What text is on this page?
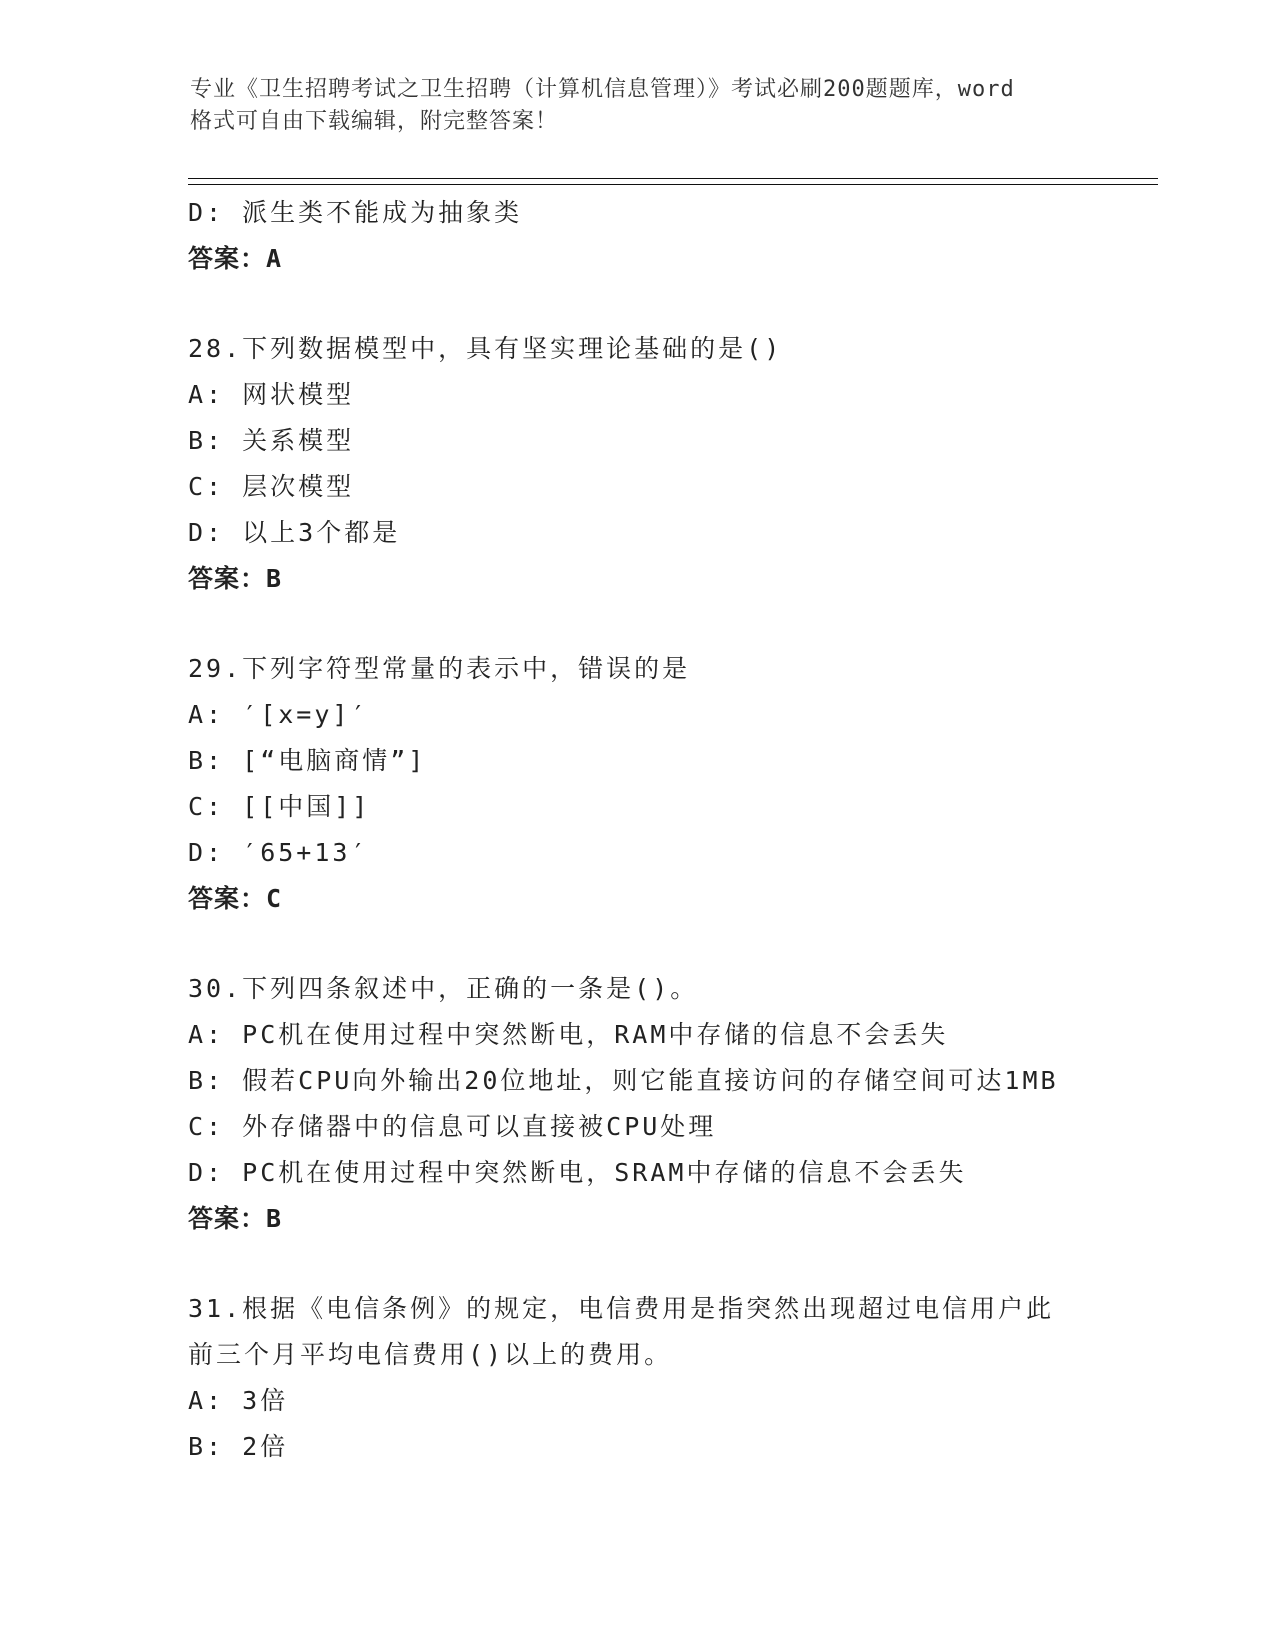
专业《卫生招聘考试之卫生招聘（计算机信息管理）》考试必刷200题题库，word
格式可自由下载编辑，附完整答案！
D: 派生类不能成为抽象类
答案：A
28.下列数据模型中，具有坚实理论基础的是()
A: 网状模型
B: 关系模型
C: 层次模型
D: 以上3个都是
答案：B
29.下列字符型常量的表示中，错误的是
A: ′[x=y]′
B: [“电脑商情”]
C: [[中国]]
D: ′65+13′
答案：C
30.下列四条叙述中，正确的一条是()。
A: PC机在使用过程中突然断电，RAM中存储的信息不会丢失
B: 假若CPU向外输出20位地址，则它能直接访问的存储空间可达1MB
C: 外存储器中的信息可以直接被CPU处理
D: PC机在使用过程中突然断电，SRAM中存储的信息不会丢失
答案：B
31.根据《电信条例》的规定，电信费用是指突然出现超过电信用户此
前三个月平均电信费用()以上的费用。
A: 3倍
B: 2倍
